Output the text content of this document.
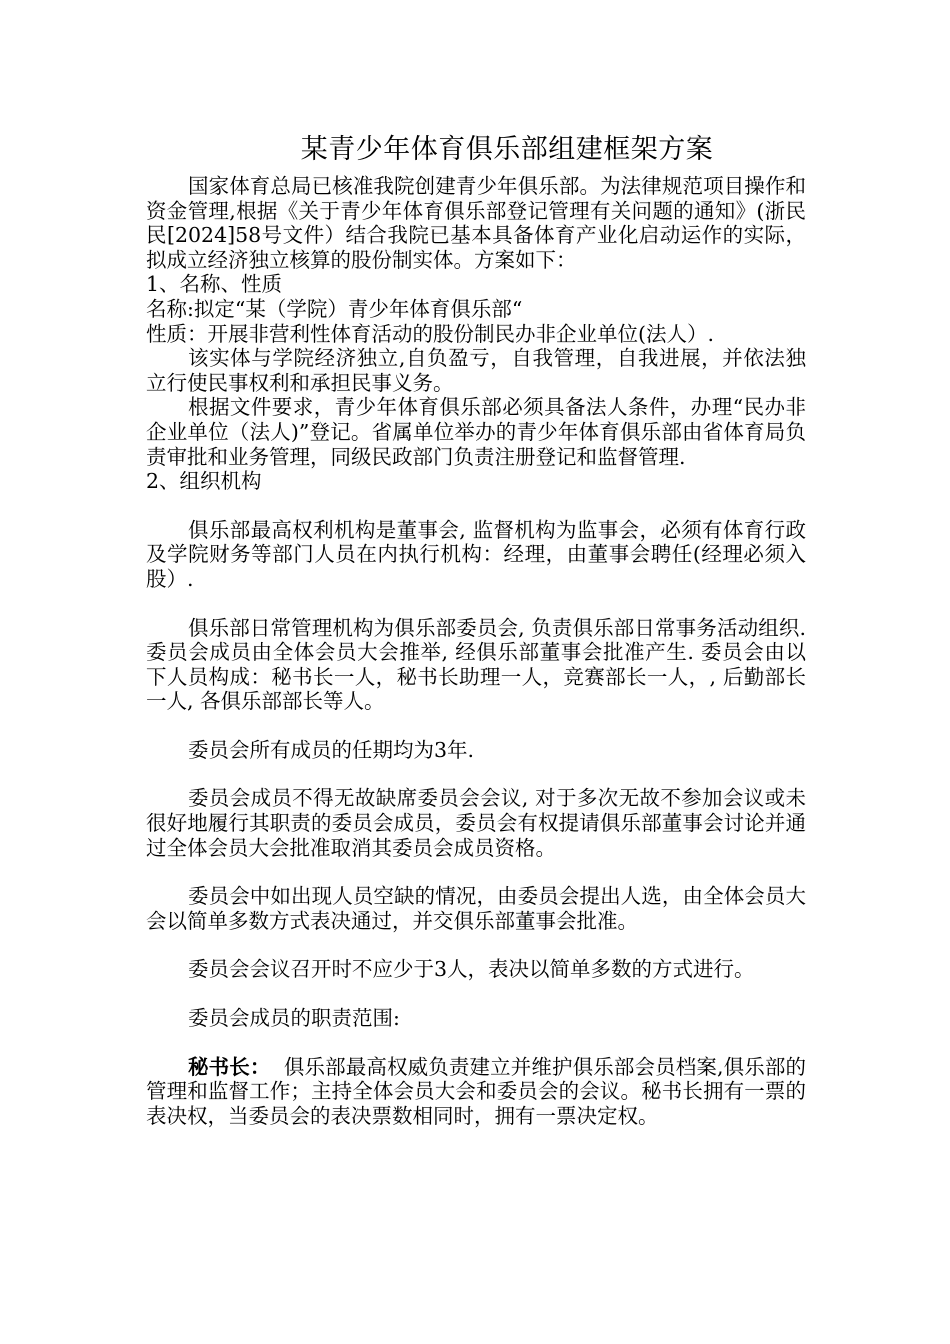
某青少年体育俱乐部组建框架方案

国家体育总局已核准我院创建青少年俱乐部。为法律规范项目操作和资金管理,根据《关于青少年体育俱乐部登记管理有关问题的通知》(浙民民[2024]58号文件）结合我院已基本具备体育产业化启动运作的实际，拟成立经济独立核算的股份制实体。方案如下：

1、名称、性质

名称:拟定“某（学院）青少年体育俱乐部“

性质：开展非营利性体育活动的股份制民办非企业单位(法人）.

该实体与学院经济独立,自负盈亏，自我管理，自我进展，并依法独立行使民事权利和承担民事义务。

根据文件要求，青少年体育俱乐部必须具备法人条件，办理“民办非企业单位（法人)”登记。省属单位举办的青少年体育俱乐部由省体育局负责审批和业务管理，同级民政部门负责注册登记和监督管理.

2、组织机构

俱乐部最高权利机构是董事会, 监督机构为监事会，必须有体育行政及学院财务等部门人员在内执行机构：经理，由董事会聘任(经理必须入股）.

俱乐部日常管理机构为俱乐部委员会, 负责俱乐部日常事务活动组织. 委员会成员由全体会员大会推举, 经俱乐部董事会批准产生. 委员会由以下人员构成：秘书长一人，秘书长助理一人，竞赛部长一人，, 后勤部长一人, 各俱乐部部长等人。

委员会所有成员的任期均为3年.

委员会成员不得无故缺席委员会会议, 对于多次无故不参加会议或未很好地履行其职责的委员会成员，委员会有权提请俱乐部董事会讨论并通过全体会员大会批准取消其委员会成员资格。

委员会中如出现人员空缺的情况，由委员会提出人选，由全体会员大会以简单多数方式表决通过，并交俱乐部董事会批准。

委员会会议召开时不应少于3人，表决以简单多数的方式进行。

委员会成员的职责范围:

秘书长： 俱乐部最高权威负责建立并维护俱乐部会员档案,俱乐部的管理和监督工作；主持全体会员大会和委员会的会议。秘书长拥有一票的表决权，当委员会的表决票数相同时，拥有一票决定权。
